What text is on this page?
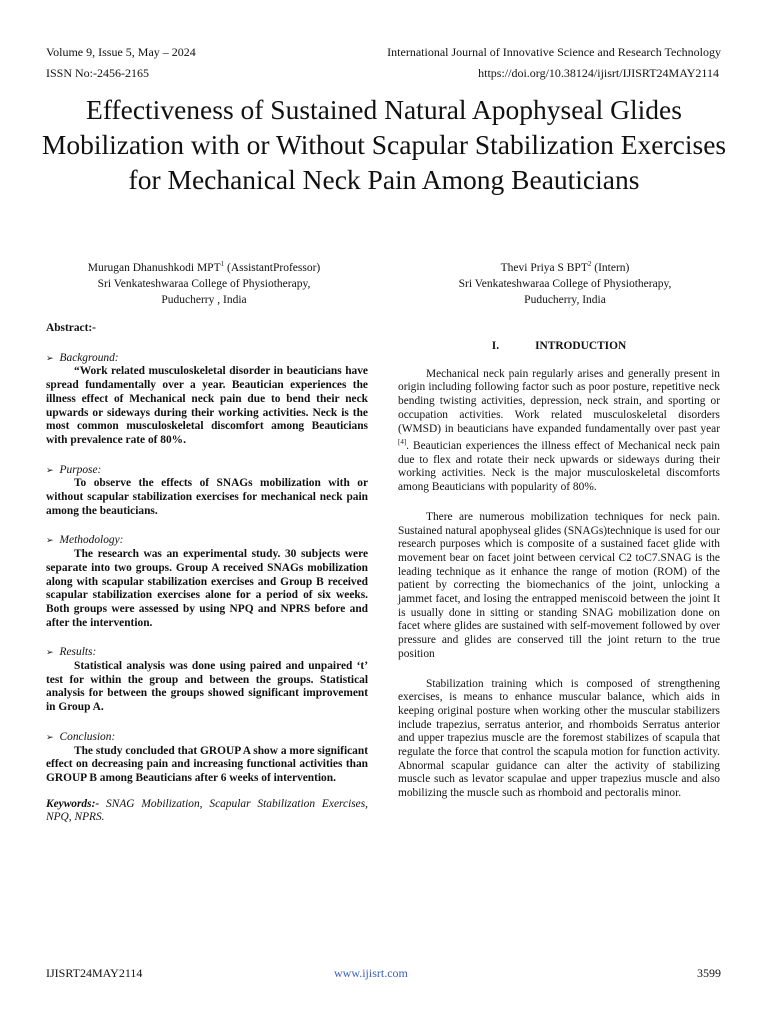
Volume 9, Issue 5, May – 2024	International Journal of Innovative Science and Research Technology
ISSN No:-2456-2165	https://doi.org/10.38124/ijisrt/IJISRT24MAY2114
Effectiveness of Sustained Natural Apophyseal Glides Mobilization with or Without Scapular Stabilization Exercises for Mechanical Neck Pain Among Beauticians

Murugan Dhanushkodi MPT$^1$ (AssistantProfessor)

Sri Venkateshwaraa College of Physiotherapy,

Puducherry , India

Thevi Priya S BPT$^2$ (Intern)

Sri Venkateshwaraa College of Physiotherapy,

Puducherry, India

Abstract:-

➢ Background:

“Work related musculoskeletal disorder in beauticians have spread fundamentally over a year. Beautician experiences the illness effect of Mechanical neck pain due to bend their neck upwards or sideways during their working activities. Neck is the most common musculoskeletal discomfort among Beauticians with prevalence rate of 80%.

➢ Purpose:

To observe the effects of SNAGs mobilization with or without scapular stabilization exercises for mechanical neck pain among the beauticians.

➢ Methodology:

The research was an experimental study. 30 subjects were separate into two groups. Group A received SNAGs mobilization along with scapular stabilization exercises and Group B received scapular stabilization exercises alone for a period of six weeks. Both groups were assessed by using NPQ and NPRS before and after the intervention.

➢ Results:

Statistical analysis was done using paired and unpaired ‘t’ test for within the group and between the groups. Statistical analysis for between the groups showed significant improvement in Group A.

➢ Conclusion:

The study concluded that GROUP A show a more significant effect on decreasing pain and increasing functional activities than GROUP B among Beauticians after 6 weeks of intervention.

Keywords:- SNAG Mobilization, Scapular Stabilization Exercises, NPQ, NPRS.

I.	INTRODUCTION

Mechanical neck pain regularly arises and generally present in origin including following factor such as poor posture, repetitive neck bending twisting activities, depression, neck strain, and sporting or occupation activities. Work related musculoskeletal disorders (WMSD) in beauticians have expanded fundamentally over past year [4]. Beautician experiences the illness effect of Mechanical neck pain due to flex and rotate their neck upwards or sideways during their working activities. Neck is the major musculoskeletal discomforts among Beauticians with popularity of 80%.

There are numerous mobilization techniques for neck pain. Sustained natural apophyseal glides (SNAGs)technique is used for our research purposes which is composite of a sustained facet glide with movement bear on facet joint between cervical C2 toC7.SNAG is the leading technique as it enhance the range of motion (ROM) of the patient by correcting the biomechanics of the joint, unlocking a jammet facet, and losing the entrapped meniscoid between the joint It is usually done in sitting or standing SNAG mobilization done on facet where glides are sustained with self-movement followed by over pressure and glides are conserved till the joint return to the true position

Stabilization training which is composed of strengthening exercises, is means to enhance muscular balance, which aids in keeping original posture when working other the muscular stabilizers include trapezius, serratus anterior, and rhomboids Serratus anterior and upper trapezius muscle are the foremost stabilizes of scapula that regulate the force that control the scapula motion for function activity. Abnormal scapular guidance can alter the activity of stabilizing muscle such as levator scapulae and upper trapezius muscle and also mobilizing the muscle such as rhomboid and pectoralis minor.

IJISRT24MAY2114	www.ijisrt.com	3599
